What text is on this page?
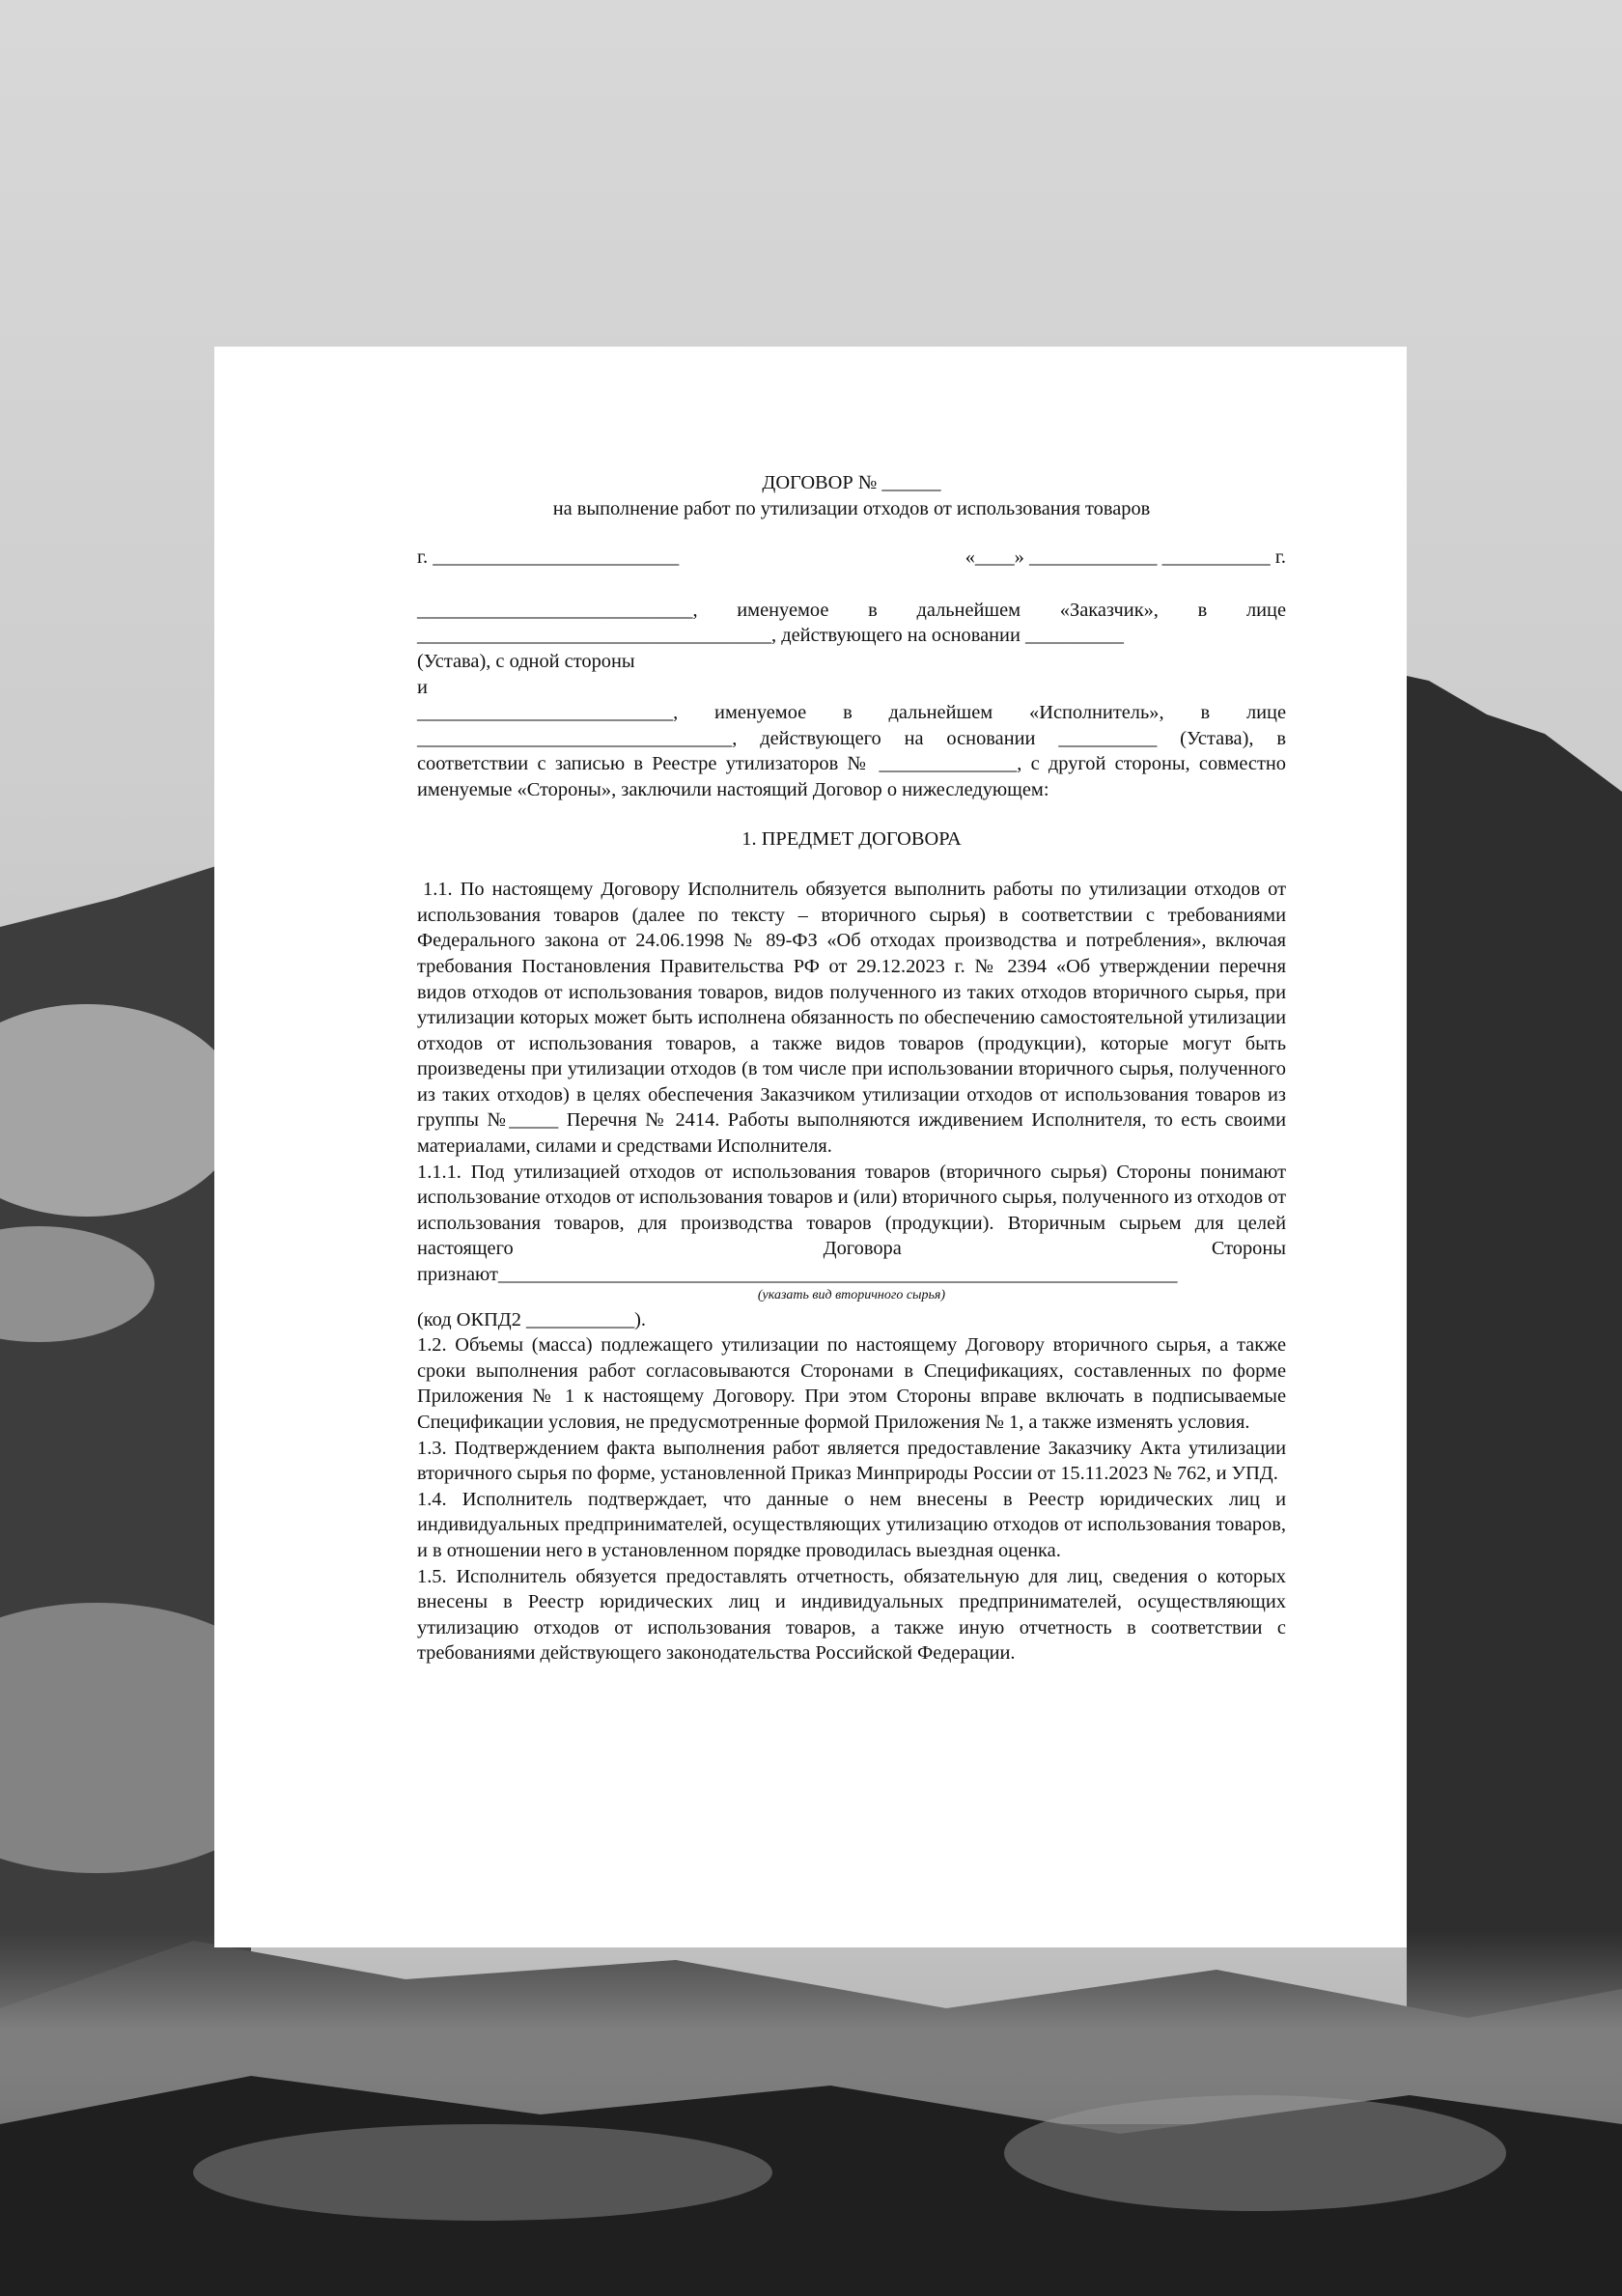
ДОГОВОР № ______

на выполнение работ по утилизации отходов от использования товаров

г. _________________________	«____» _____________ ___________ г.

____________________________, именуемое в дальнейшем «Заказчик», в лице ____________________________________, действующего на основании __________

(Устава), с одной стороны

и

__________________________, именуемое в дальнейшем «Исполнитель», в лице ________________________________, действующего на основании __________ (Устава), в соответствии с записью в Реестре утилизаторов № ______________, с другой стороны, совместно именуемые «Стороны», заключили настоящий Договор о нижеследующем:

1. ПРЕДМЕТ ДОГОВОРА

1.1. По настоящему Договору Исполнитель обязуется выполнить работы по утилизации отходов от использования товаров (далее по тексту – вторичного сырья) в соответствии с требованиями Федерального закона от 24.06.1998 № 89-ФЗ «Об отходах производства и потребления», включая требования Постановления Правительства РФ от 29.12.2023 г. № 2394 «Об утверждении перечня видов отходов от использования товаров, видов полученного из таких отходов вторичного сырья, при утилизации которых может быть исполнена обязанность по обеспечению самостоятельной утилизации отходов от использования товаров, а также видов товаров (продукции), которые могут быть произведены при утилизации отходов (в том числе при использовании вторичного сырья, полученного из таких отходов) в целях обеспечения Заказчиком утилизации отходов от использования товаров из группы №_____ Перечня № 2414. Работы выполняются иждивением Исполнителя, то есть своими материалами, силами и средствами Исполнителя.

1.1.1. Под утилизацией отходов от использования товаров (вторичного сырья) Стороны понимают использование отходов от использования товаров и (или) вторичного сырья, полученного из отходов от использования товаров, для производства товаров (продукции). Вторичным сырьем для целей настоящего Договора Стороны признают_____________________________________________________________________

(указать вид вторичного сырья)

(код ОКПД2 ___________).

1.2. Объемы (масса) подлежащего утилизации по настоящему Договору вторичного сырья, а также сроки выполнения работ согласовываются Сторонами в Спецификациях, составленных по форме Приложения № 1 к настоящему Договору. При этом Стороны вправе включать в подписываемые Спецификации условия, не предусмотренные формой Приложения № 1, а также изменять условия.

1.3. Подтверждением факта выполнения работ является предоставление Заказчику Акта утилизации вторичного сырья по форме, установленной Приказ Минприроды России от 15.11.2023 № 762, и УПД.

1.4. Исполнитель подтверждает, что данные о нем внесены в Реестр юридических лиц и индивидуальных предпринимателей, осуществляющих утилизацию отходов от использования товаров, и в отношении него в установленном порядке проводилась выездная оценка.

1.5. Исполнитель обязуется предоставлять отчетность, обязательную для лиц, сведения о которых внесены в Реестр юридических лиц и индивидуальных предпринимателей, осуществляющих утилизацию отходов от использования товаров, а также иную отчетность в соответствии с требованиями действующего законодательства Российской Федерации.
